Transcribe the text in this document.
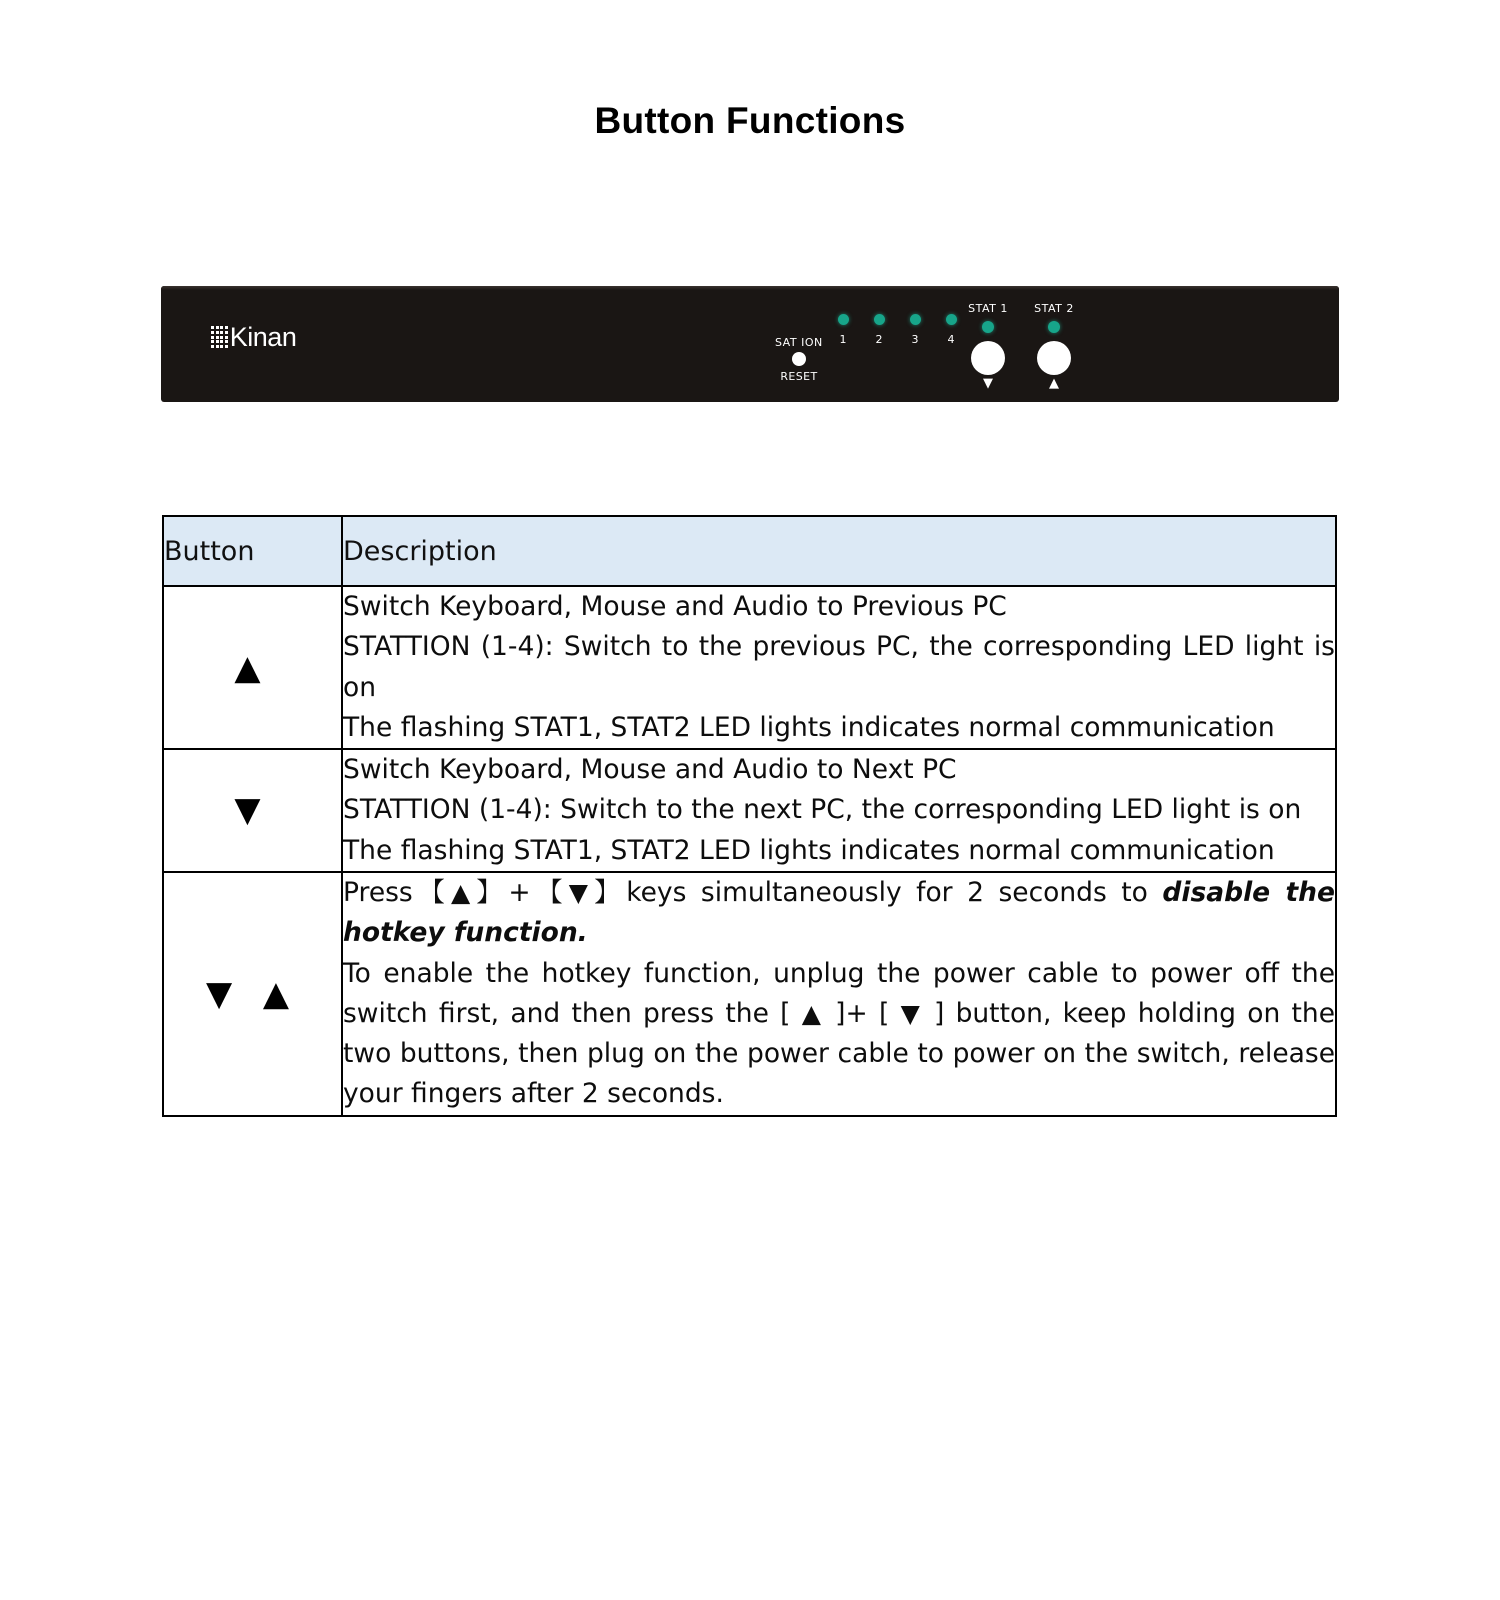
Button Functions
Kinan	SAT ION
RESET
1	2	3	4
STAT 1
▼
STAT 2
▲
Button	Description
▲	Switch Keyboard, Mouse and Audio to Previous PC
STATTION (1-4): Switch to the previous PC, the corresponding LED light is on
The flashing STAT1, STAT2 LED lights indicates normal communication

▼	Switch Keyboard, Mouse and Audio to Next PC
STATTION (1-4): Switch to the next PC, the corresponding LED light is on
The flashing STAT1, STAT2 LED lights indicates normal communication

▼ ▲	Press【▲】+【▼】keys simultaneously for 2 seconds to disable the hotkey function.
To enable the hotkey function, unplug the power cable to power off the switch first, and then press the [ ▲ ]+ [ ▼ ] button, keep holding on the two buttons, then plug on the power cable to power on the switch, release your fingers after 2 seconds.
